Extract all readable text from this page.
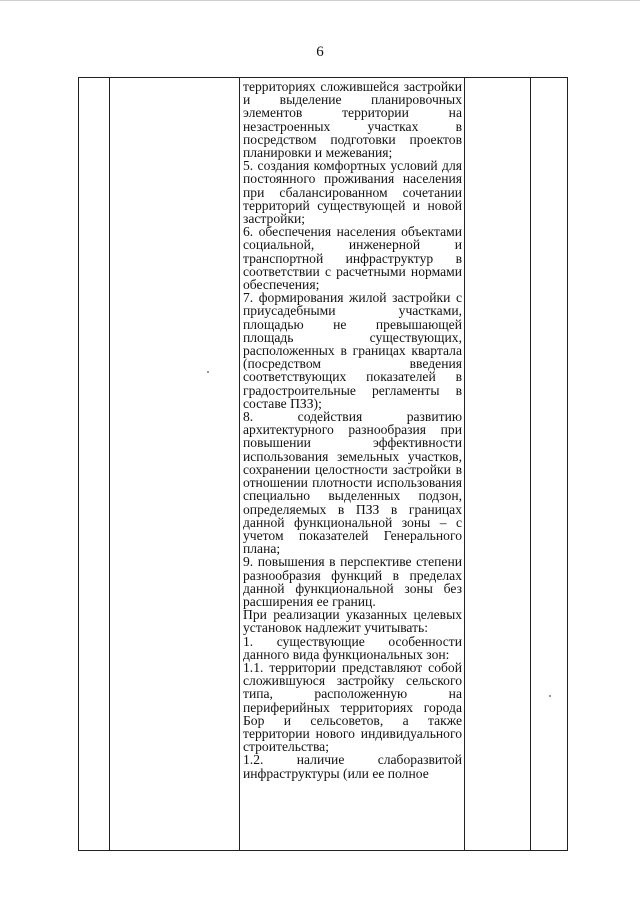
6
территориях сложившейся застройки и выделение планировочных элементов территории на незастроенных участках в посредством подготовки проектов планировки и межевания;
5. создания комфортных условий для постоянного проживания населения при сбалансированном сочетании территорий существующей и новой застройки;
6. обеспечения населения объектами социальной, инженерной и транспортной инфраструктур в соответствии с расчетными нормами обеспечения;
7. формирования жилой застройки с приусадебными участками, площадью не превышающей площадь существующих, расположенных в границах квартала (посредством введения соответствующих показателей в градостроительные регламенты в составе ПЗЗ);
8. содействия развитию архитектурного разнообразия при повышении эффективности использования земельных участков, сохранении целостности застройки в отношении плотности использования специально выделенных подзон, определяемых в ПЗЗ в границах данной функциональной зоны – с учетом показателей Генерального плана;
9. повышения в перспективе степени разнообразия функций в пределах данной функциональной зоны без расширения ее границ.
При реализации указанных целевых установок надлежит учитывать:
1. существующие особенности данного вида функциональных зон:
1.1. территории представляют собой сложившуюся застройку сельского типа, расположенную на периферийных территориях города Бор и сельсоветов, а также территории нового индивидуального строительства;
1.2. наличие слаборазвитой инфраструктуры (или ее полное
